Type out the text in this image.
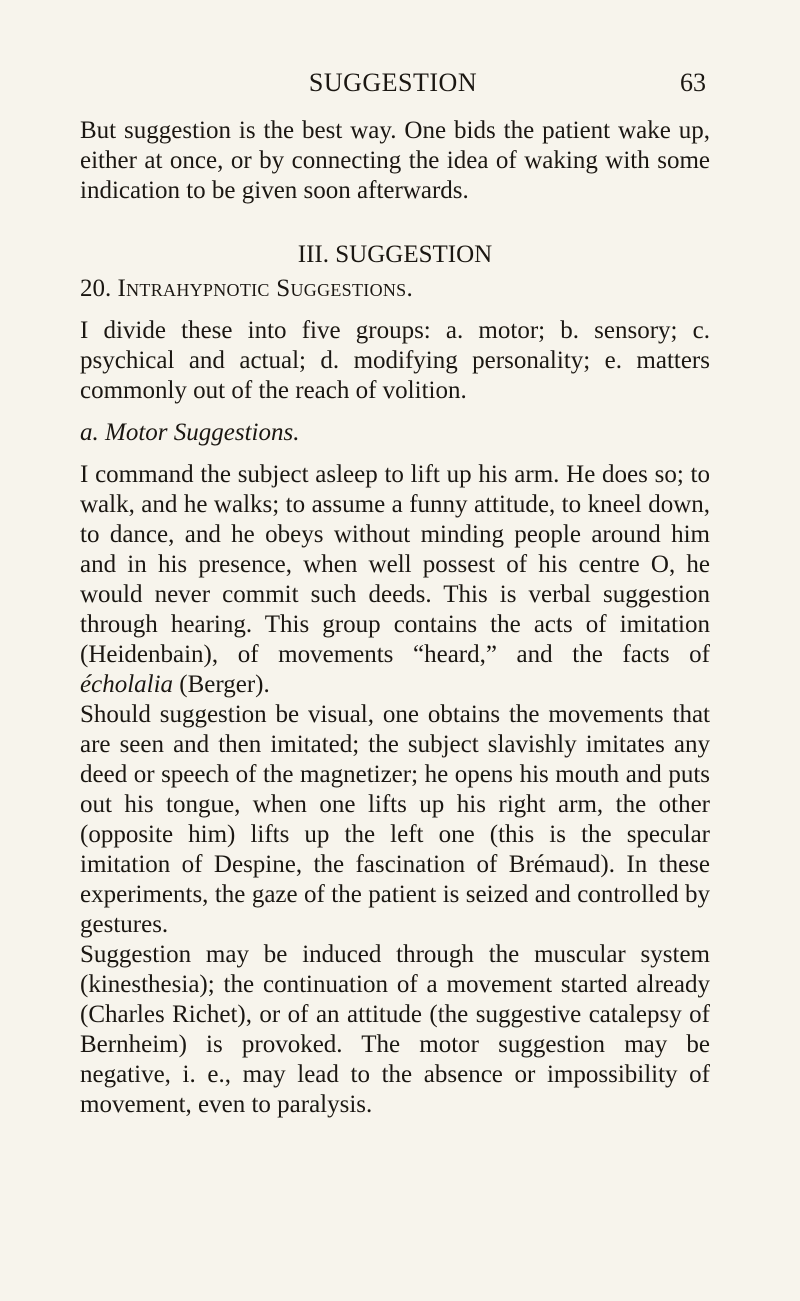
SUGGESTION	63

But suggestion is the best way. One bids the patient wake up, either at once, or by connecting the idea of waking with some indication to be given soon afterwards.

III. SUGGESTION

20. Intrahypnotic Suggestions.

I divide these into five groups: a. motor; b. sensory; c. psychical and actual; d. modifying personality; e. matters commonly out of the reach of volition.

a. Motor Suggestions.

I command the subject asleep to lift up his arm. He does so; to walk, and he walks; to assume a funny attitude, to kneel down, to dance, and he obeys without minding people around him and in his presence, when well possest of his centre O, he would never commit such deeds. This is verbal suggestion through hearing. This group contains the acts of imitation (Heidenbain), of movements “heard,” and the facts of écholalia (Berger).

Should suggestion be visual, one obtains the movements that are seen and then imitated; the subject slavishly imitates any deed or speech of the magnetizer; he opens his mouth and puts out his tongue, when one lifts up his right arm, the other (opposite him) lifts up the left one (this is the specular imitation of Despine, the fascination of Brémaud). In these experiments, the gaze of the patient is seized and controlled by gestures.

Suggestion may be induced through the muscular system (kinesthesia); the continuation of a movement started already (Charles Richet), or of an attitude (the suggestive catalepsy of Bernheim) is provoked. The motor suggestion may be negative, i. e., may lead to the absence or impossibility of movement, even to paralysis.
